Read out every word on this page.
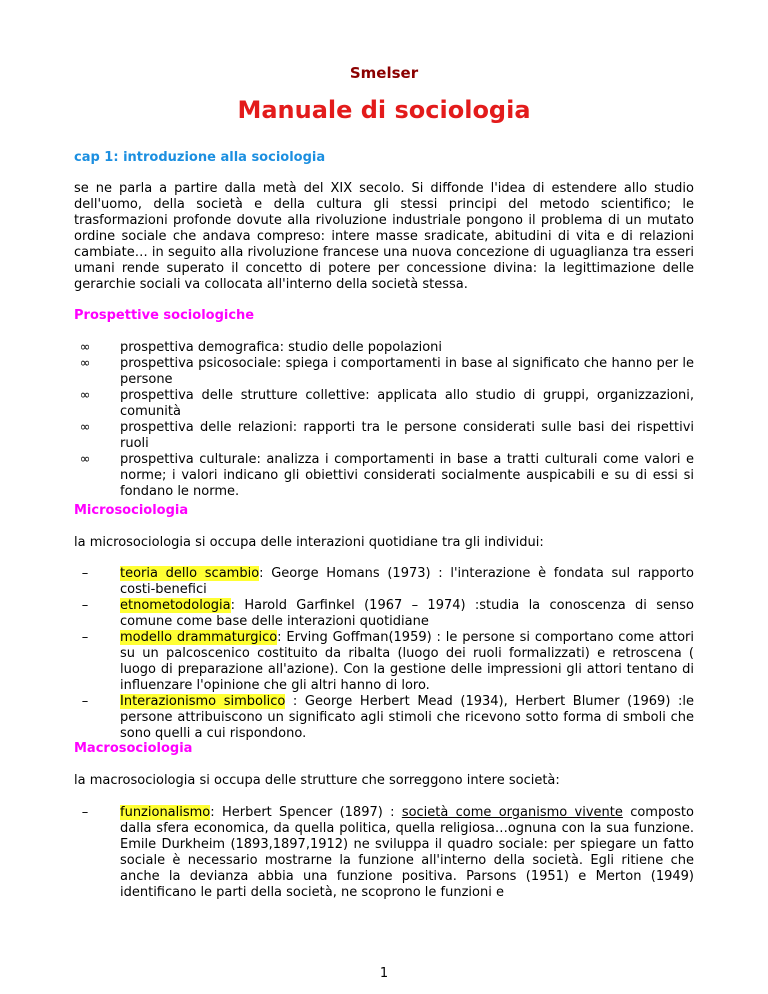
Smelser
Manuale di sociologia

cap 1: introduzione alla sociologia

se ne parla a partire dalla metà del XIX secolo. Si diffonde l'idea di estendere allo studio dell'uomo, della società e della cultura gli stessi principi del metodo scientifico; le trasformazioni profonde dovute alla rivoluzione industriale pongono il problema di un mutato ordine sociale che andava compreso: intere masse sradicate, abitudini di vita e di relazioni cambiate… in seguito alla rivoluzione francese una nuova concezione di uguaglianza tra esseri umani rende superato il concetto di potere per concessione divina: la legittimazione delle gerarchie sociali va collocata all'interno della società stessa.

Prospettive sociologiche

∞ prospettiva demografica: studio delle popolazioni
∞ prospettiva psicosociale: spiega i comportamenti in base al significato che hanno per le persone
∞ prospettiva delle strutture collettive: applicata allo studio di gruppi, organizzazioni, comunità
∞ prospettiva delle relazioni: rapporti tra le persone considerati sulle basi dei rispettivi ruoli
∞ prospettiva culturale: analizza i comportamenti in base a tratti culturali come valori e norme; i valori indicano gli obiettivi considerati socialmente auspicabili e su di essi si fondano le norme.

Microsociologia

la microsociologia si occupa delle interazioni quotidiane tra gli individui:

– teoria dello scambio: George Homans (1973) : l'interazione è fondata sul rapporto costi-benefici
– etnometodologia: Harold Garfinkel (1967 – 1974) :studia la conoscenza di senso comune come base delle interazioni quotidiane
– modello drammaturgico: Erving Goffman(1959) : le persone si comportano come attori su un palcoscenico costituito da ribalta (luogo dei ruoli formalizzati) e retroscena ( luogo di preparazione all'azione). Con la gestione delle impressioni gli attori tentano di influenzare l'opinione che gli altri hanno di loro.
– Interazionismo simbolico : George Herbert Mead (1934), Herbert Blumer (1969) :le persone attribuiscono un significato agli stimoli che ricevono sotto forma di smboli che sono quelli a cui rispondono.

Macrosociologia

la macrosociologia si occupa delle strutture che sorreggono intere società:

– funzionalismo: Herbert Spencer (1897) : società come organismo vivente composto dalla sfera economica, da quella politica, quella religiosa…ognuna con la sua funzione. Emile Durkheim (1893,1897,1912) ne sviluppa il quadro sociale: per spiegare un fatto sociale è necessario mostrarne la funzione all'interno della società. Egli ritiene che anche la devianza abbia una funzione positiva. Parsons (1951) e Merton (1949) identificano le parti della società, ne scoprono le funzioni e
1
